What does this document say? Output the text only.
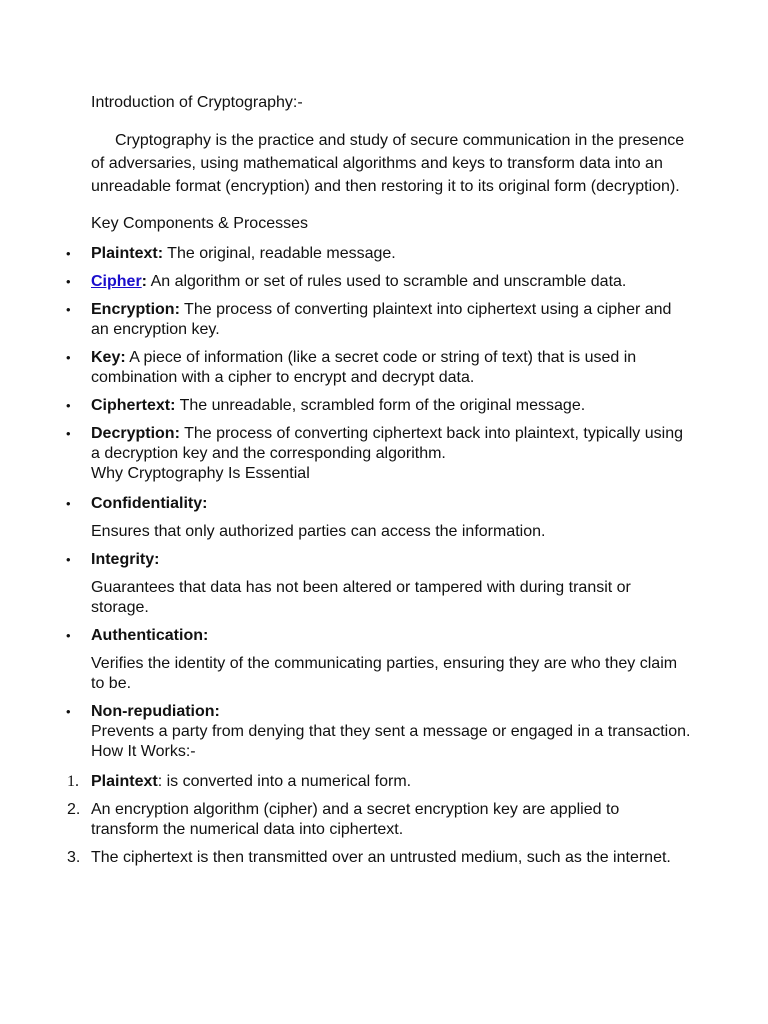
Introduction of Cryptography:-

Cryptography is the practice and study of secure communication in the presence of adversaries, using mathematical algorithms and keys to transform data into an unreadable format (encryption) and then restoring it to its original form (decryption).

Key Components & Processes

• Plaintext: The original, readable message.
• Cipher: An algorithm or set of rules used to scramble and unscramble data.
• Encryption: The process of converting plaintext into ciphertext using a cipher and an encryption key.
• Key: A piece of information (like a secret code or string of text) that is used in combination with a cipher to encrypt and decrypt data.
• Ciphertext: The unreadable, scrambled form of the original message.
• Decryption: The process of converting ciphertext back into plaintext, typically using a decryption key and the corresponding algorithm.
Why Cryptography Is Essential
• Confidentiality:

Ensures that only authorized parties can access the information.

• Integrity:

Guarantees that data has not been altered or tampered with during transit or storage.

• Authentication:

Verifies the identity of the communicating parties, ensuring they are who they claim to be.

• Non-repudiation:

Prevents a party from denying that they sent a message or engaged in a transaction.

How It Works:-

1. Plaintext: is converted into a numerical form.
2. An encryption algorithm (cipher) and a secret encryption key are applied to transform the numerical data into ciphertext.
3. The ciphertext is then transmitted over an untrusted medium, such as the internet.
